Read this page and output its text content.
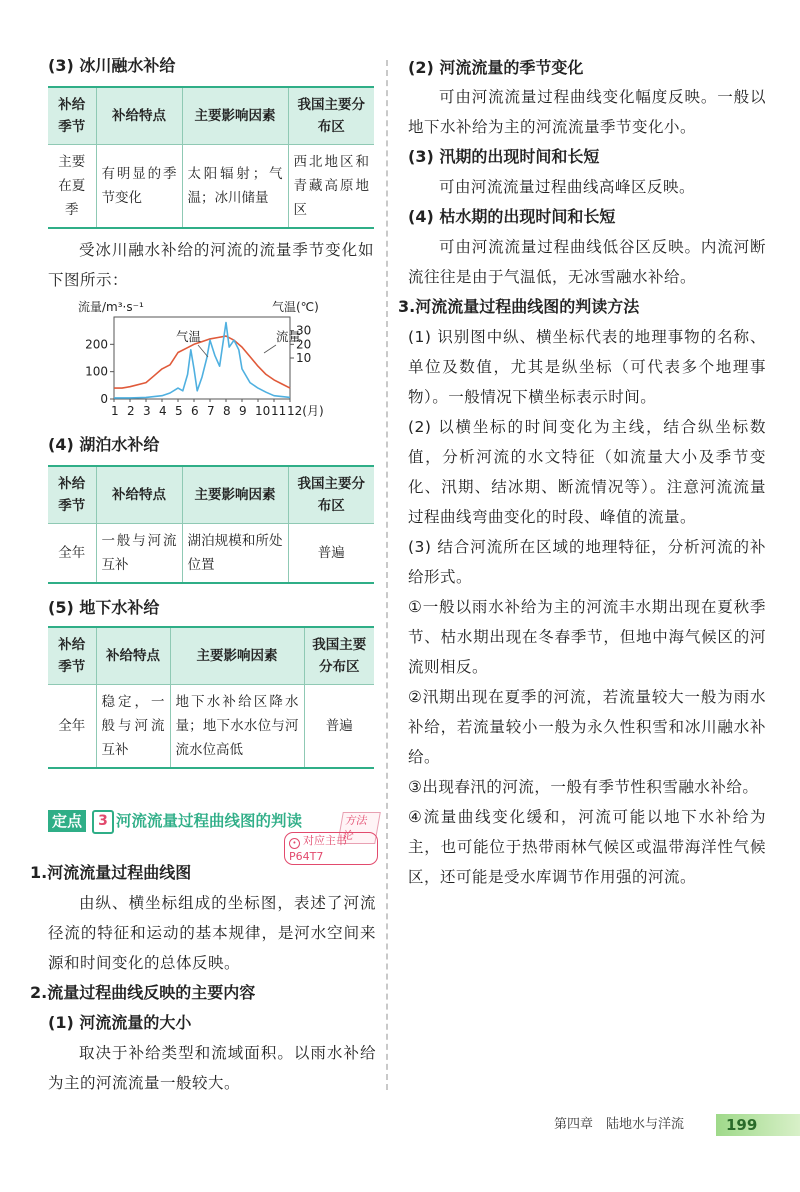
(3) 冰川融水补给
补给季节	补给特点	主要影响因素	我国主要分布区
主要在夏季	有明显的季节变化	太阳辐射；气温；冰川储量	西北地区和青藏高原地区

受冰川融水补给的河流的流量季节变化如下图所示：

流量/m³·s⁻¹	气温(℃)
0
100
200
10
20
30
1 2 3 4 5 6 7 8 9 10 11 12(月)
气温	流量
(4) 湖泊水补给
补给季节	补给特点	主要影响因素	我国主要分布区
全年	一般与河流互补	湖泊规模和所处位置	普遍
(5) 地下水补给
补给季节	补给特点	主要影响因素	我国主要分布区
全年	稳定，一般与河流互补	地下水补给区降水量；地下水水位与河流水位高低	普遍
定点	3 河流流量过程曲线图的判读	方法论
• 对应主书 P64T7
1.河流流量过程曲线图

由纵、横坐标组成的坐标图，表述了河流径流的特征和运动的基本规律，是河水空间来源和时间变化的总体反映。

2.流量过程曲线反映的主要内容
(1) 河流流量的大小

取决于补给类型和流域面积。以雨水补给为主的河流流量一般较大。

(2) 河流流量的季节变化

可由河流流量过程曲线变化幅度反映。一般以地下水补给为主的河流流量季节变化小。

(3) 汛期的出现时间和长短

可由河流流量过程曲线高峰区反映。

(4) 枯水期的出现时间和长短

可由河流流量过程曲线低谷区反映。内流河断流往往是由于气温低，无冰雪融水补给。

3.河流流量过程曲线图的判读方法

(1) 识别图中纵、横坐标代表的地理事物的名称、单位及数值，尤其是纵坐标（可代表多个地理事物）。一般情况下横坐标表示时间。

(2) 以横坐标的时间变化为主线，结合纵坐标数值，分析河流的水文特征（如流量大小及季节变化、汛期、结冰期、断流情况等）。注意河流流量过程曲线弯曲变化的时段、峰值的流量。

(3) 结合河流所在区域的地理特征，分析河流的补给形式。

①一般以雨水补给为主的河流丰水期出现在夏秋季节、枯水期出现在冬春季节，但地中海气候区的河流则相反。

②汛期出现在夏季的河流，若流量较大一般为雨水补给，若流量较小一般为永久性积雪和冰川融水补给。

③出现春汛的河流，一般有季节性积雪融水补给。

④流量曲线变化缓和，河流可能以地下水补给为主，也可能位于热带雨林气候区或温带海洋性气候区，还可能是受水库调节作用强的河流。

第四章　陆地水与洋流	199
